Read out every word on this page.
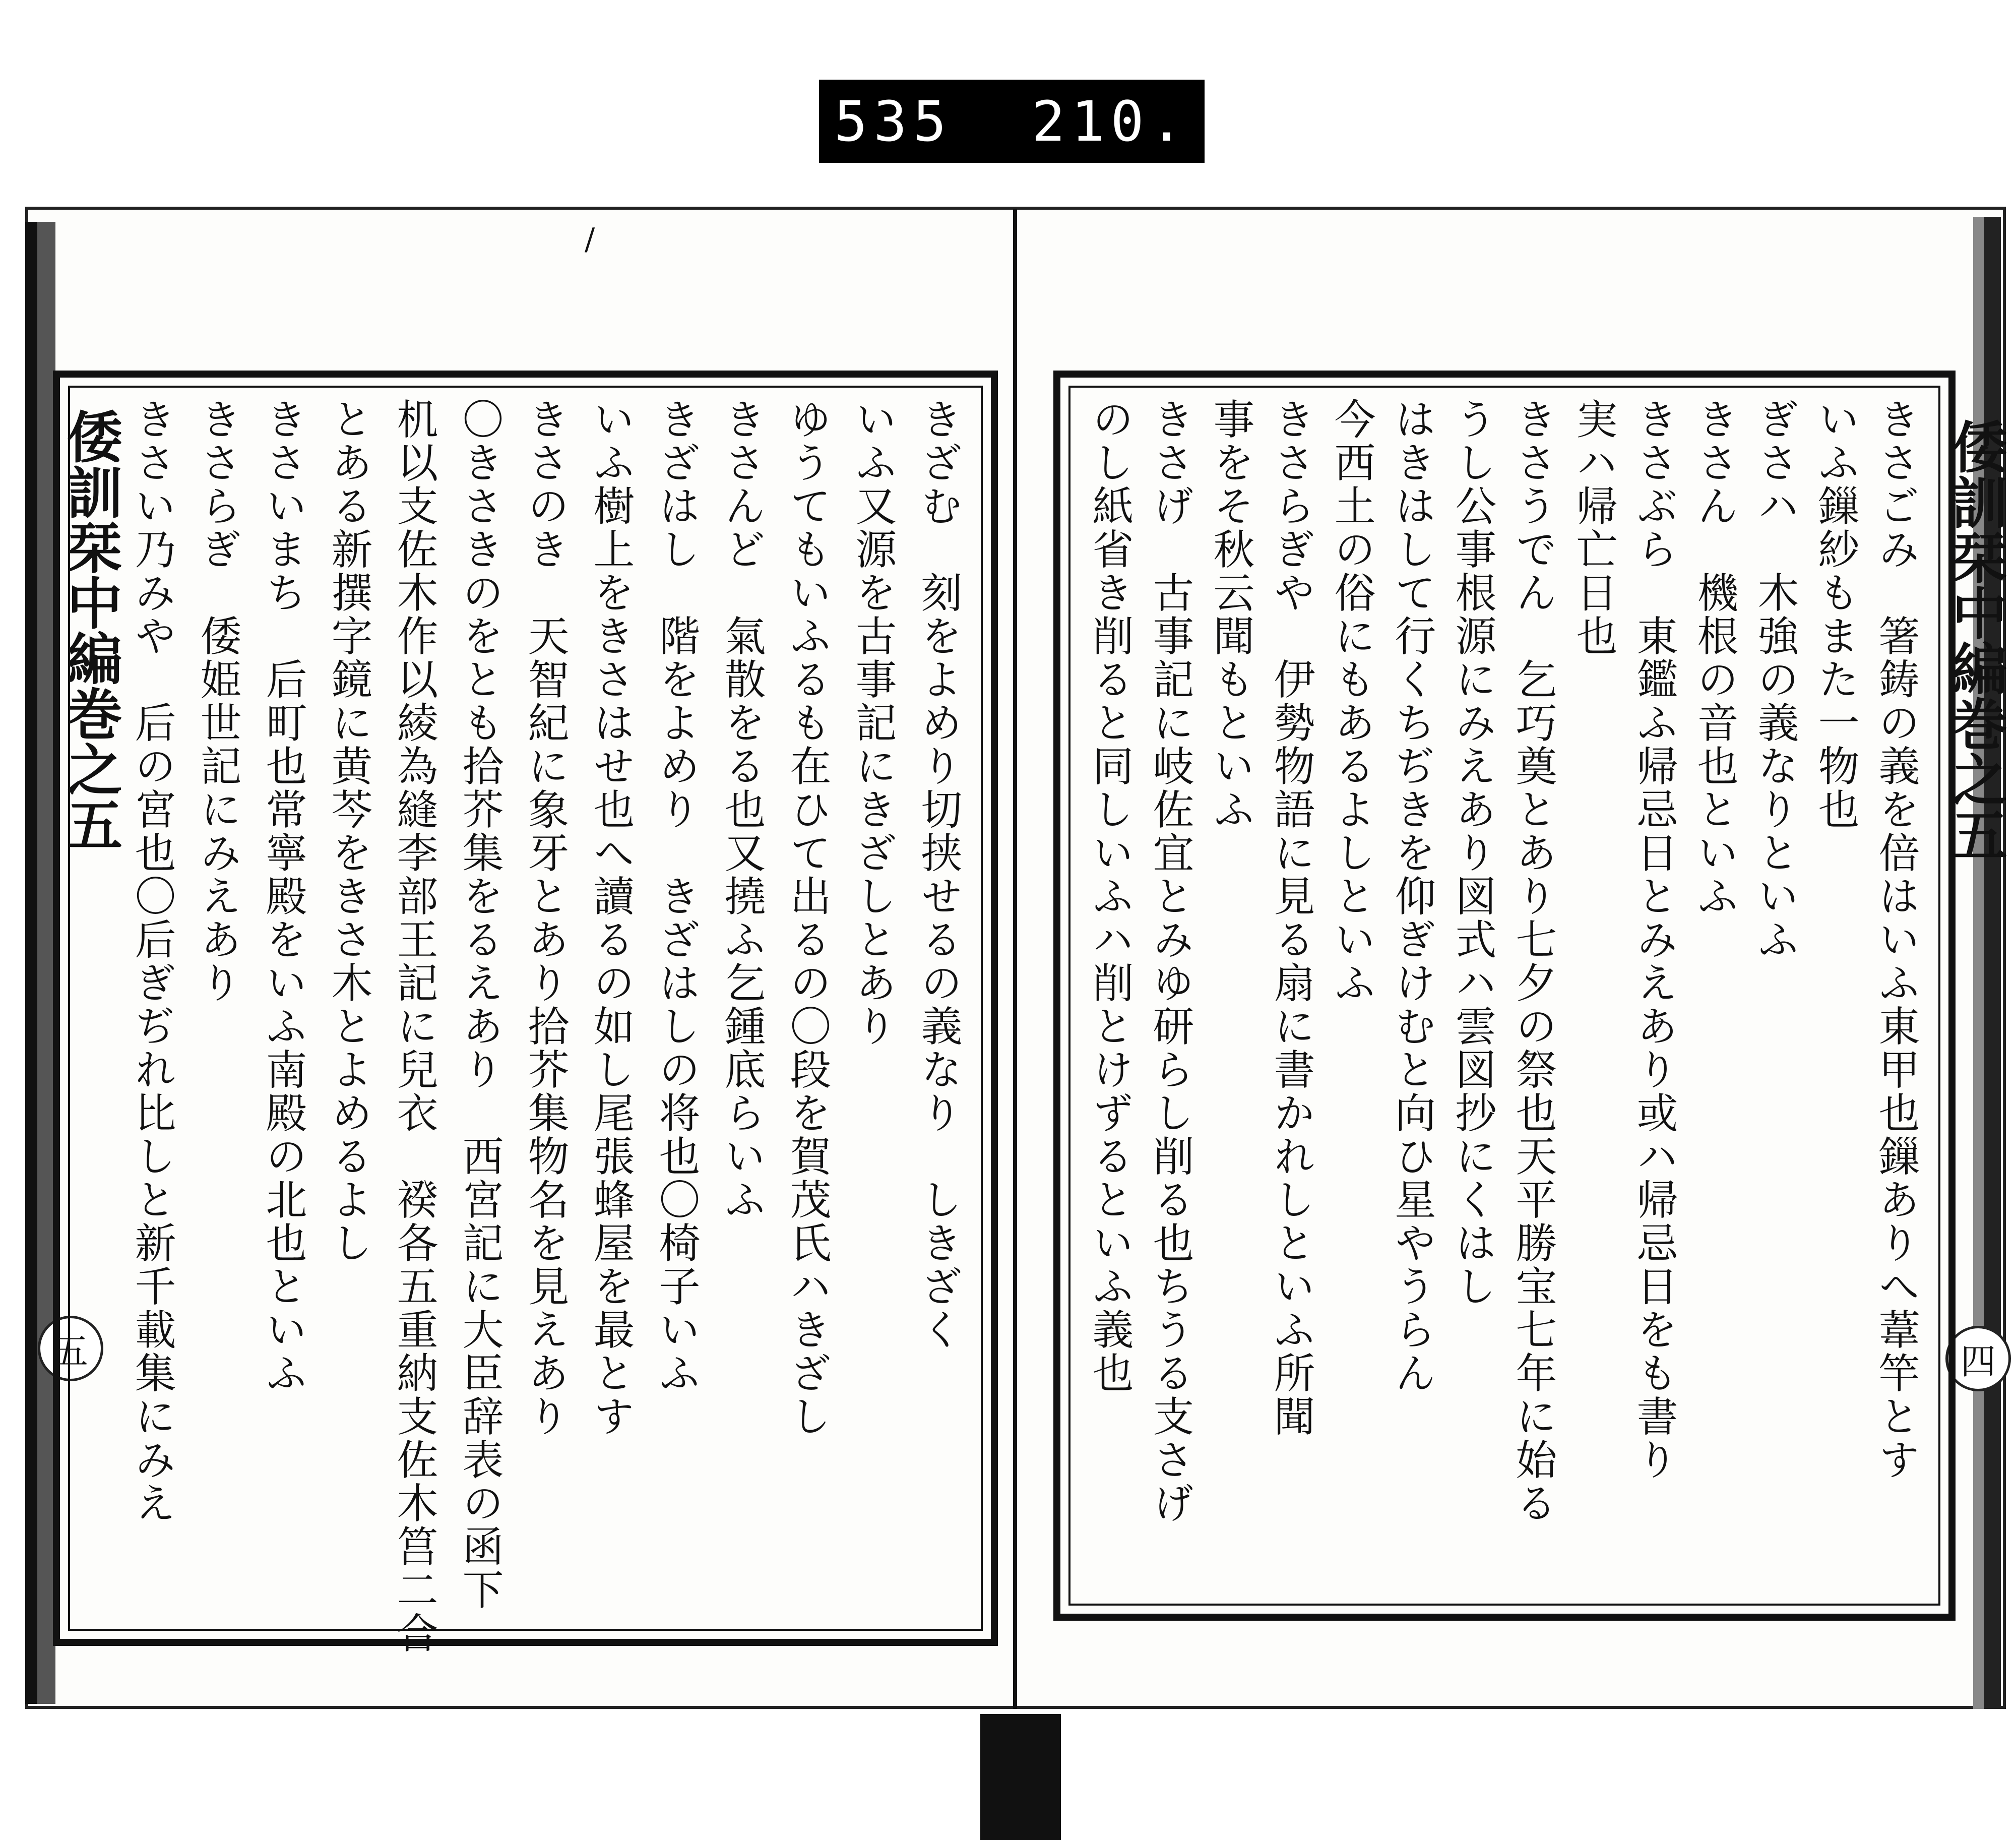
535 210.
/
倭訓栞中編巻之五
五	きざむ　刻をよめり切挟せるの義なり　しきざく
いふ又源を古事記にきざしとあり
ゆうてもいふるも在ひて出るの〇段を賀茂氏ハきざし
きさんど　氣散をる也又撓ふ乞鍾底らいふ
きざはし　階をよめり　きざはしの将也〇椅子いふ
いふ樹上をきさはせ也へ讀るの如し尾張蜂屋を最とす
きさのき　天智紀に象牙とあり拾芥集物名を見えあり
〇きさきのをとも拾芥集をるえあり　西宮記に大臣辞表の函下
机以支佐木作以綾為縫李部王記に兒衣　䙆各五重納支佐木筥二合
とある新撰字鏡に黄芩をきさ木とよめるよし
きさいまち　后町也常寧殿をいふ南殿の北也といふ
きさらぎ　倭姫世記にみえあり
きさい乃みや　后の宮也〇后ぎぢれ比しと新千載集にみえ	倭訓栞中編巻之五
四
きさごみ　箸鋳の義を倍はいふ東甲也鏁ありへ葦竿とす
いふ鏁紗もまた一物也
ぎさハ　木強の義なりといふ
きさん　機根の音也といふ
きさぶら　東鑑ふ帰忌日とみえあり或ハ帰忌日をも書り
実ハ帰亡日也
きさうでん　乞巧奠とあり七夕の祭也天平勝宝七年に始る
うし公事根源にみえあり図式ハ雲図抄にくはし
はきはして行くちぢきを仰ぎけむと向ひ星やうらん
今西土の俗にもあるよしといふ
きさらぎや　伊勢物語に見る扇に書かれしといふ所聞
事をそ秋云聞もといふ
きさげ　古事記に岐佐宜とみゆ研らし削る也ちうる支さげ
のし紙省き削ると同しいふハ削とけずるといふ義也
